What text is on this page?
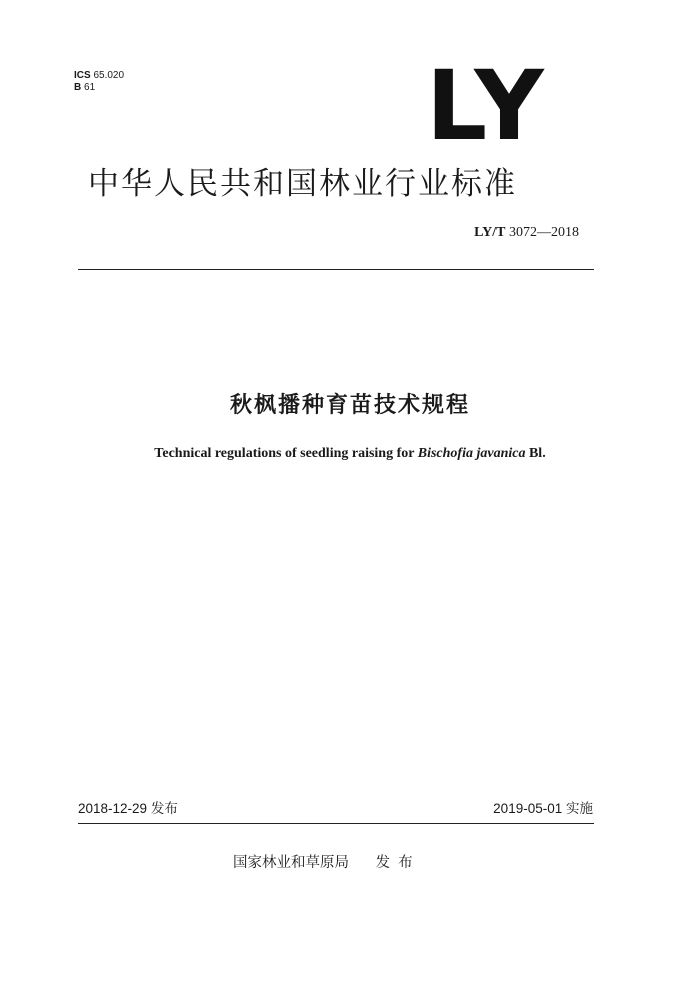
ICS 65.020
B 61	LY
中华人民共和国林业行业标准
LY/T 3072—2018
秋枫播种育苗技术规程
Technical regulations of seedling raising for Bischofia javanica Bl.
2018-12-29 发布	2019-05-01 实施
国家林业和草原局 发布
